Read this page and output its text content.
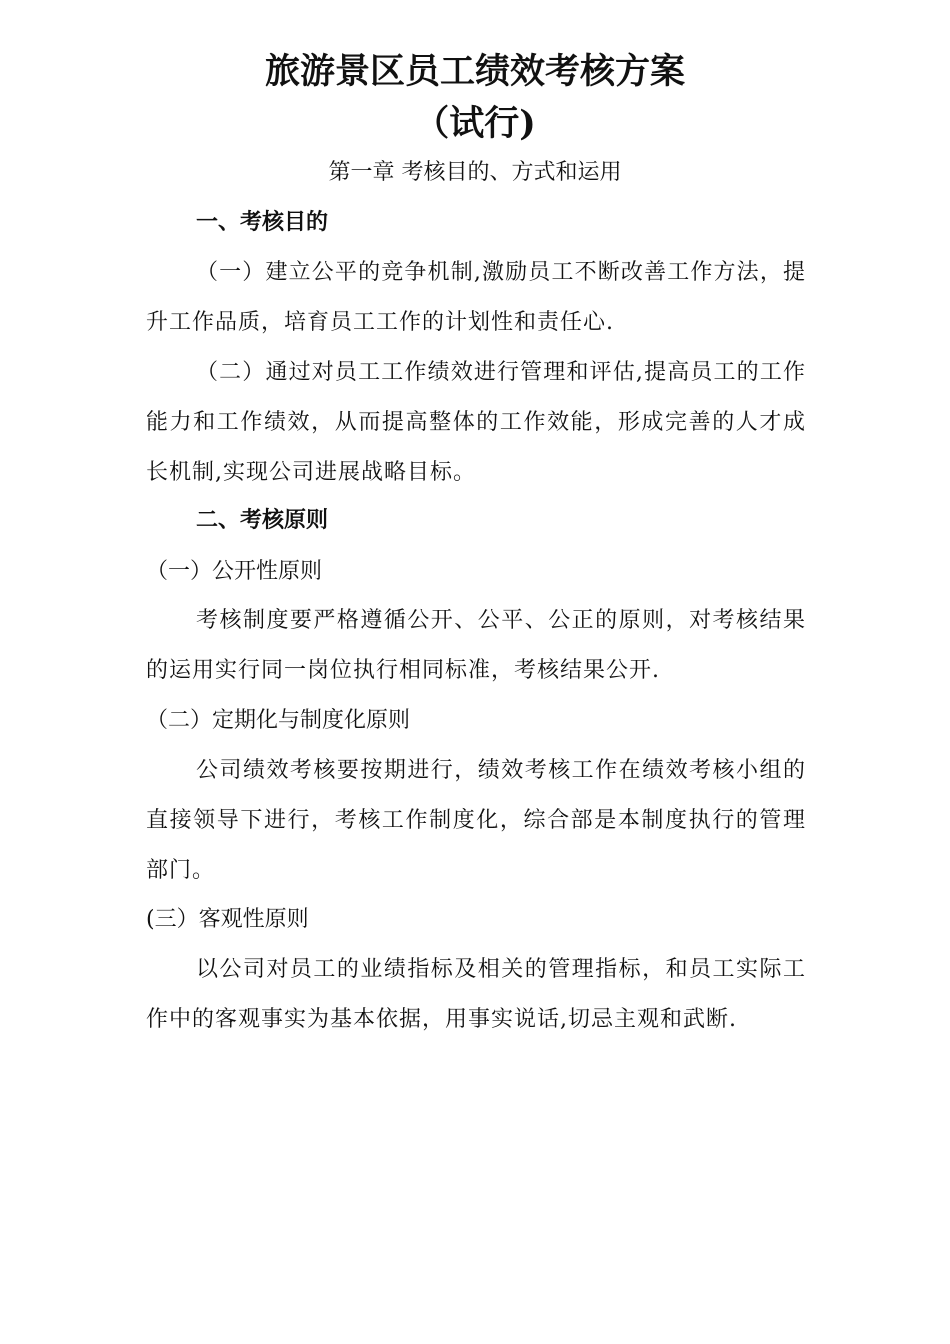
旅游景区员工绩效考核方案
（试行)
第一章 考核目的、方式和运用
一、考核目的

（一）建立公平的竞争机制,激励员工不断改善工作方法，提升工作品质，培育员工工作的计划性和责任心.

（二）通过对员工工作绩效进行管理和评估,提高员工的工作能力和工作绩效，从而提高整体的工作效能，形成完善的人才成长机制,实现公司进展战略目标。

二、考核原则
（一）公开性原则

考核制度要严格遵循公开、公平、公正的原则，对考核结果的运用实行同一岗位执行相同标准，考核结果公开.

（二）定期化与制度化原则

公司绩效考核要按期进行，绩效考核工作在绩效考核小组的直接领导下进行，考核工作制度化，综合部是本制度执行的管理部门。

(三）客观性原则

以公司对员工的业绩指标及相关的管理指标，和员工实际工作中的客观事实为基本依据，用事实说话,切忌主观和武断.
